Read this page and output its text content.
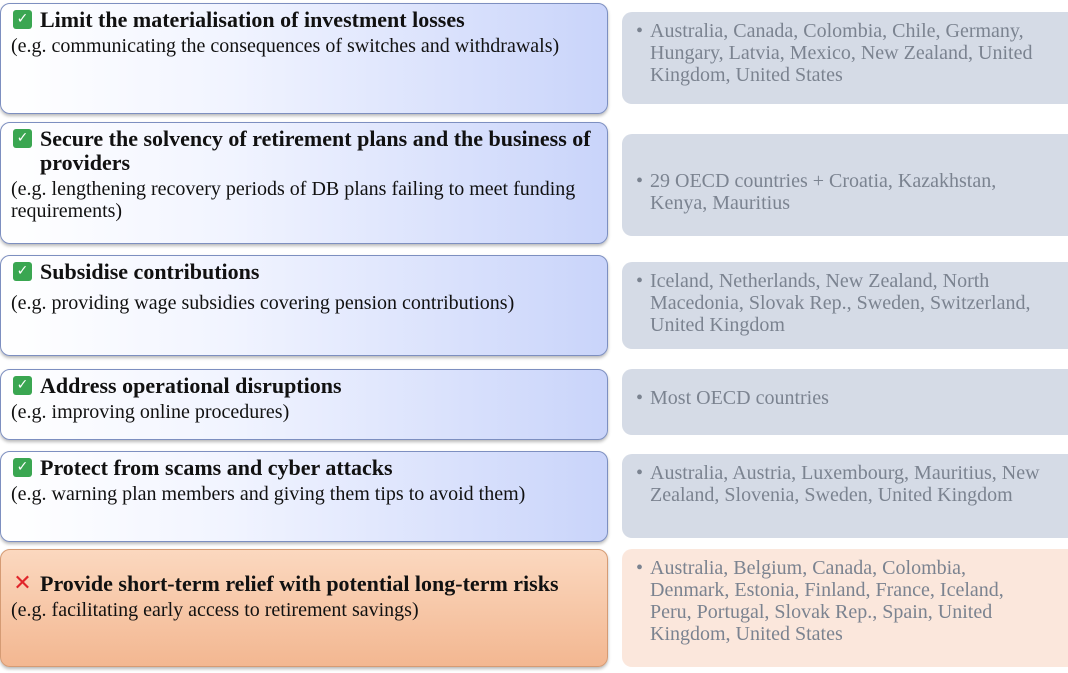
✓ Limit the materialisation of investment losses
(e.g. communicating the consequences of switches and withdrawals)
• Australia, Canada, Colombia, Chile, Germany, Hungary, Latvia, Mexico, New Zealand, United Kingdom, United States
✓ Secure the solvency of retirement plans and the business of providers
(e.g. lengthening recovery periods of DB plans failing to meet funding requirements)
• 29 OECD countries + Croatia, Kazakhstan, Kenya, Mauritius
✓ Subsidise contributions
(e.g. providing wage subsidies covering pension contributions)
• Iceland, Netherlands, New Zealand, North Macedonia, Slovak Rep., Sweden, Switzerland, United Kingdom
✓ Address operational disruptions
(e.g. improving online procedures)
• Most OECD countries
✓ Protect from scams and cyber attacks
(e.g. warning plan members and giving them tips to avoid them)
• Australia, Austria, Luxembourg, Mauritius, New Zealand, Slovenia, Sweden, United Kingdom
✕ Provide short-term relief with potential long-term risks
(e.g. facilitating early access to retirement savings)
• Australia, Belgium, Canada, Colombia, Denmark, Estonia, Finland, France, Iceland, Peru, Portugal, Slovak Rep., Spain, United Kingdom, United States
